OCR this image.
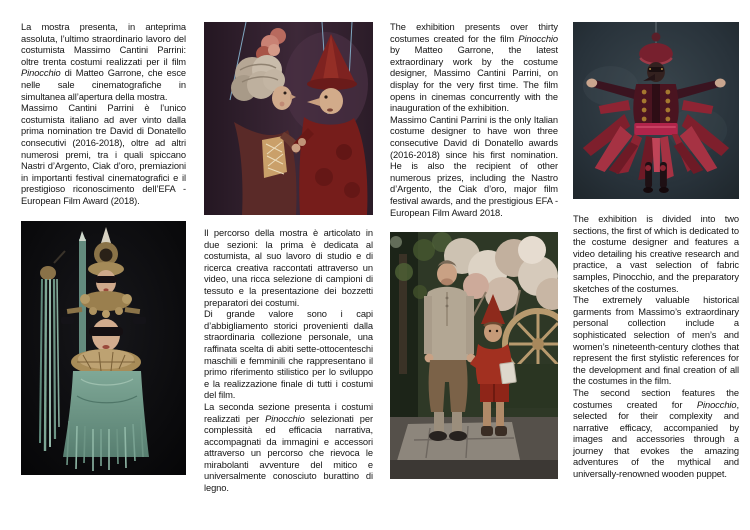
La mostra presenta, in anteprima assoluta, l’ultimo straordinario lavoro del costumista Massimo Cantini Parrini: oltre trenta costumi realizzati per il film Pinocchio di Matteo Garrone, che esce nelle sale cinematografiche in simultanea all’apertura della mostra.

Massimo Cantini Parrini è l’unico costumista italiano ad aver vinto dalla prima nomination tre David di Donatello consecutivi (2016-2018), oltre ad altri numerosi premi, tra i quali spiccano Nastri d’Argento, Ciak d’oro, premiazioni in importanti festival cinematografici e il prestigioso riconoscimento dell’EFA - European Film Award (2018).

Il percorso della mostra è articolato in due sezioni: la prima è dedicata al costumista, al suo lavoro di studio e di ricerca creativa raccontati attraverso un video, una ricca selezione di campioni di tessuto e la presentazione dei bozzetti preparatori dei costumi.

Di grande valore sono i capi d’abbigliamento storici provenienti dalla straordinaria collezione personale, una raffinata scelta di abiti sette-ottocenteschi maschili e femminili che rappresentano il primo riferimento stilistico per lo sviluppo e la realizzazione finale di tutti i costumi del film.

La seconda sezione presenta i costumi realizzati per Pinocchio selezionati per complessità ed efficacia narrativa, accompagnati da immagini e accessori attraverso un percorso che rievoca le mirabolanti avventure del mitico e universalmente conosciuto burattino di legno.

The exhibition presents over thirty costumes created for the film Pinocchio by Matteo Garrone, the latest extraordinary work by the costume designer, Massimo Cantini Parrini, on display for the very first time. The film opens in cinemas concurrently with the inauguration of the exhibition.

Massimo Cantini Parrini is the only Italian costume designer to have won three consecutive David di Donatello awards (2016-2018) since his first nomination. He is also the recipient of other numerous prizes, including the Nastro d’Argento, the Ciak d’oro, major film festival awards, and the prestigious EFA - European Film Award 2018.

The exhibition is divided into two sections, the first of which is dedicated to the costume designer and features a video detailing his creative research and practice, a vast selection of fabric samples, Pinocchio, and the preparatory sketches of the costumes.

The extremely valuable historical garments from Massimo’s extraordinary personal collection include a sophisticated selection of men’s and women’s nineteenth-century clothes that represent the first stylistic references for the development and final creation of all the costumes in the film.

The second section features the costumes created for Pinocchio, selected for their complexity and narrative efficacy, accompanied by images and accessories through a journey that evokes the amazing adventures of the mythical and universally-renowned wooden puppet.
